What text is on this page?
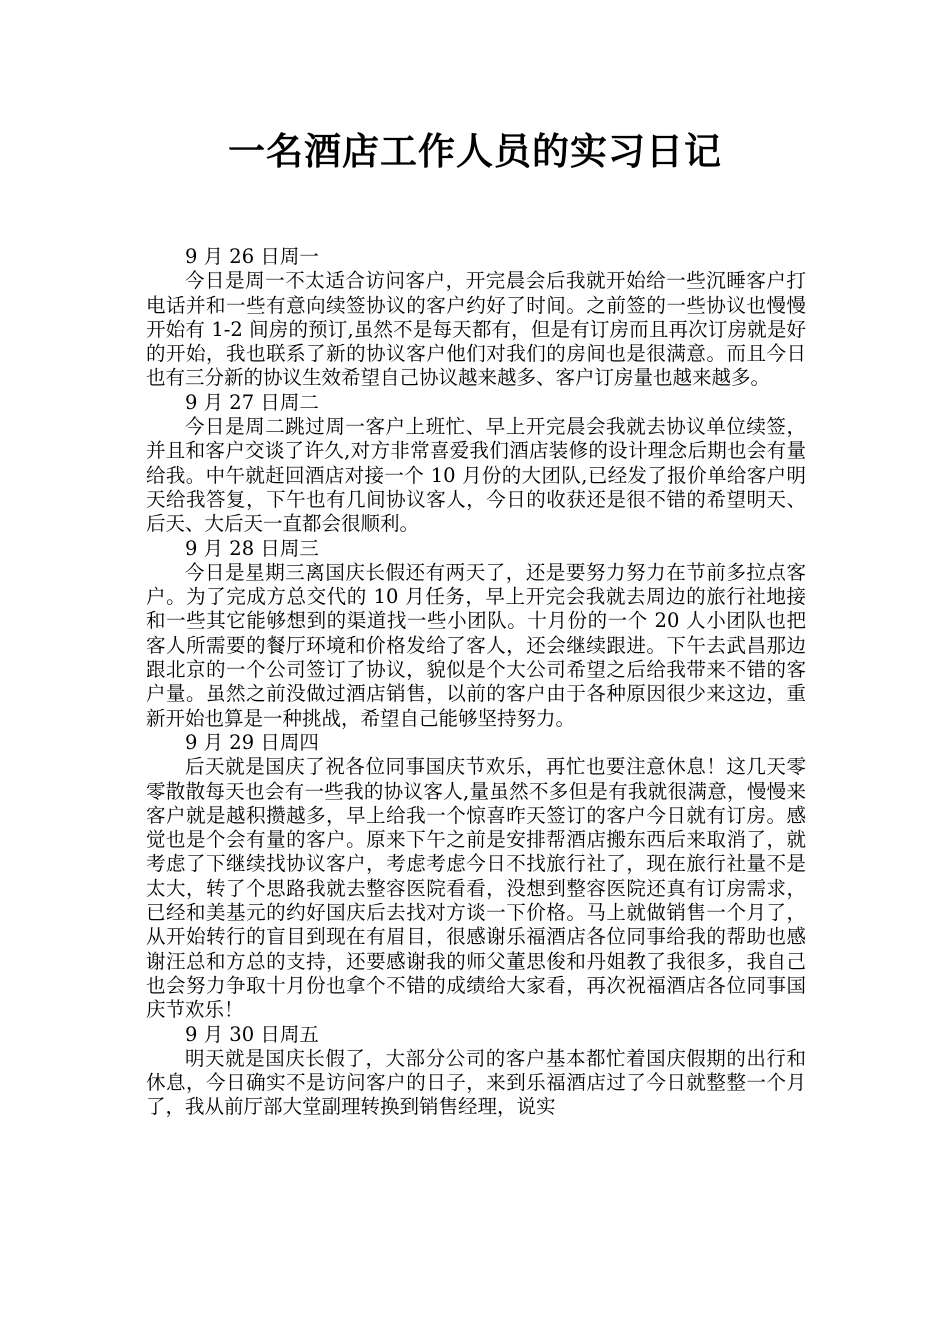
一名酒店工作人员的实习日记

9 月 26 日周一

今日是周一不太适合访问客户，开完晨会后我就开始给一些沉睡客户打电话并和一些有意向续签协议的客户约好了时间。之前签的一些协议也慢慢开始有 1-2 间房的预订,虽然不是每天都有，但是有订房而且再次订房就是好的开始，我也联系了新的协议客户他们对我们的房间也是很满意。而且今日也有三分新的协议生效希望自己协议越来越多、客户订房量也越来越多。

9 月 27 日周二

今日是周二跳过周一客户上班忙、早上开完晨会我就去协议单位续签，并且和客户交谈了许久,对方非常喜爱我们酒店装修的设计理念后期也会有量给我。中午就赶回酒店对接一个 10 月份的大团队,已经发了报价单给客户明天给我答复，下午也有几间协议客人，今日的收获还是很不错的希望明天、后天、大后天一直都会很顺利。

9 月 28 日周三

今日是星期三离国庆长假还有两天了，还是要努力努力在节前多拉点客户。为了完成方总交代的 10 月任务，早上开完会我就去周边的旅行社地接和一些其它能够想到的渠道找一些小团队。十月份的一个 20 人小团队也把客人所需要的餐厅环境和价格发给了客人，还会继续跟进。下午去武昌那边跟北京的一个公司签订了协议，貌似是个大公司希望之后给我带来不错的客户量。虽然之前没做过酒店销售，以前的客户由于各种原因很少来这边，重新开始也算是一种挑战，希望自己能够坚持努力。

9 月 29 日周四

后天就是国庆了祝各位同事国庆节欢乐，再忙也要注意休息！这几天零零散散每天也会有一些我的协议客人,量虽然不多但是有我就很满意，慢慢来客户就是越积攒越多，早上给我一个惊喜昨天签订的客户今日就有订房。感觉也是个会有量的客户。原来下午之前是安排帮酒店搬东西后来取消了，就考虑了下继续找协议客户，考虑考虑今日不找旅行社了，现在旅行社量不是太大，转了个思路我就去整容医院看看，没想到整容医院还真有订房需求，已经和美基元的约好国庆后去找对方谈一下价格。马上就做销售一个月了，从开始转行的盲目到现在有眉目，很感谢乐福酒店各位同事给我的帮助也感谢汪总和方总的支持，还要感谢我的师父董思俊和丹姐教了我很多，我自己也会努力争取十月份也拿个不错的成绩给大家看，再次祝福酒店各位同事国庆节欢乐！

9 月 30 日周五

明天就是国庆长假了，大部分公司的客户基本都忙着国庆假期的出行和休息，今日确实不是访问客户的日子，来到乐福酒店过了今日就整整一个月了，我从前厅部大堂副理转换到销售经理，说实
